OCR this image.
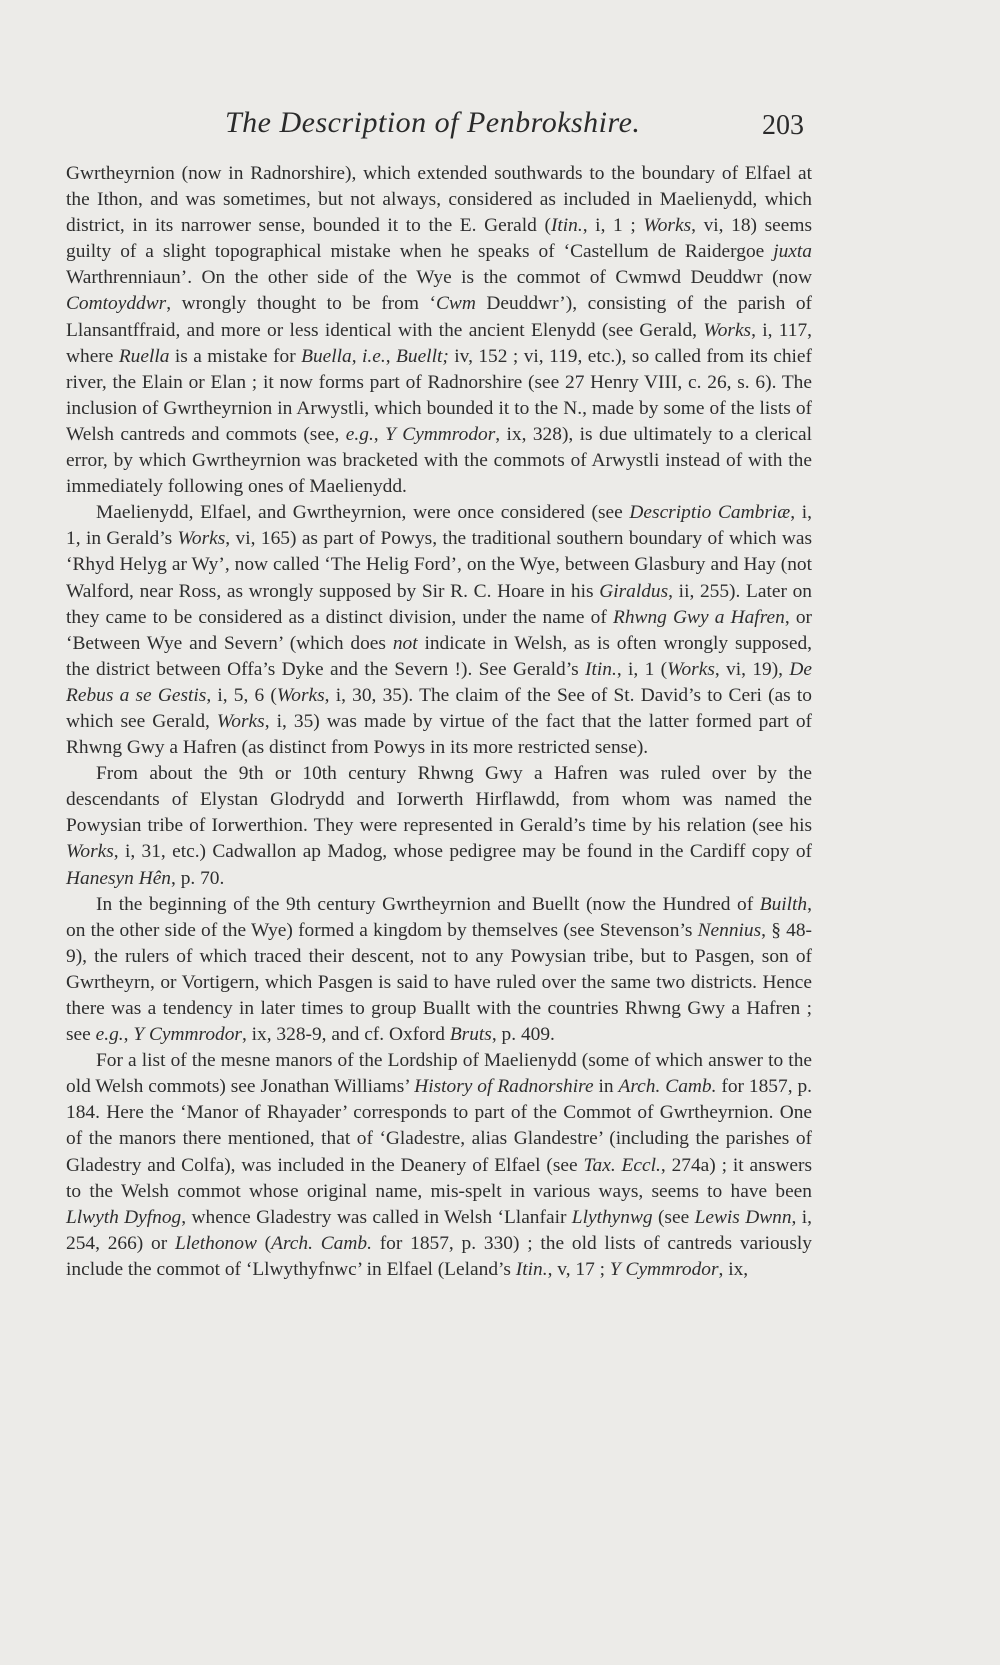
The Description of Penbrokshire.	203

Gwrtheyrnion (now in Radnorshire), which extended southwards to the boundary of Elfael at the Ithon, and was sometimes, but not always, considered as included in Maelienydd, which district, in its narrower sense, bounded it to the E. Gerald (Itin., i, 1 ; Works, vi, 18) seems guilty of a slight topographical mistake when he speaks of ‘Castellum de Raidergoe juxta Warthrenniaun’. On the other side of the Wye is the commot of Cwmwd Deuddwr (now Comtoyddwr, wrongly thought to be from ‘Cwm Deuddwr’), consisting of the parish of Llansantffraid, and more or less identical with the ancient Elenydd (see Gerald, Works, i, 117, where Ruella is a mistake for Buella, i.e., Buellt; iv, 152 ; vi, 119, etc.), so called from its chief river, the Elain or Elan ; it now forms part of Radnorshire (see 27 Henry VIII, c. 26, s. 6). The inclusion of Gwrtheyrnion in Arwystli, which bounded it to the N., made by some of the lists of Welsh cantreds and commots (see, e.g., Y Cymmrodor, ix, 328), is due ultimately to a clerical error, by which Gwrtheyrnion was bracketed with the commots of Arwystli instead of with the immediately following ones of Maelienydd.

Maelienydd, Elfael, and Gwrtheyrnion, were once considered (see Descriptio Cambriæ, i, 1, in Gerald’s Works, vi, 165) as part of Powys, the traditional southern boundary of which was ‘Rhyd Helyg ar Wy’, now called ‘The Helig Ford’, on the Wye, between Glasbury and Hay (not Walford, near Ross, as wrongly supposed by Sir R. C. Hoare in his Giraldus, ii, 255). Later on they came to be considered as a distinct division, under the name of Rhwng Gwy a Hafren, or ‘Between Wye and Severn’ (which does not indicate in Welsh, as is often wrongly supposed, the district between Offa’s Dyke and the Severn !). See Gerald’s Itin., i, 1 (Works, vi, 19), De Rebus a se Gestis, i, 5, 6 (Works, i, 30, 35). The claim of the See of St. David’s to Ceri (as to which see Gerald, Works, i, 35) was made by virtue of the fact that the latter formed part of Rhwng Gwy a Hafren (as distinct from Powys in its more restricted sense).

From about the 9th or 10th century Rhwng Gwy a Hafren was ruled over by the descendants of Elystan Glodrydd and Iorwerth Hirflawdd, from whom was named the Powysian tribe of Iorwerthion. They were represented in Gerald’s time by his relation (see his Works, i, 31, etc.) Cadwallon ap Madog, whose pedigree may be found in the Cardiff copy of Hanesyn Hên, p. 70.

In the beginning of the 9th century Gwrtheyrnion and Buellt (now the Hundred of Builth, on the other side of the Wye) formed a kingdom by themselves (see Stevenson’s Nennius, § 48-9), the rulers of which traced their descent, not to any Powysian tribe, but to Pasgen, son of Gwrtheyrn, or Vortigern, which Pasgen is said to have ruled over the same two districts. Hence there was a tendency in later times to group Buallt with the countries Rhwng Gwy a Hafren ; see e.g., Y Cymmrodor, ix, 328-9, and cf. Oxford Bruts, p. 409.

For a list of the mesne manors of the Lordship of Maelienydd (some of which answer to the old Welsh commots) see Jonathan Williams’ History of Radnorshire in Arch. Camb. for 1857, p. 184. Here the ‘Manor of Rhayader’ corresponds to part of the Commot of Gwrtheyrnion. One of the manors there mentioned, that of ‘Gladestre, alias Glandestre’ (including the parishes of Gladestry and Colfa), was included in the Deanery of Elfael (see Tax. Eccl., 274a) ; it answers to the Welsh commot whose original name, mis-spelt in various ways, seems to have been Llwyth Dyfnog, whence Gladestry was called in Welsh ‘Llanfair Llythynwg (see Lewis Dwnn, i, 254, 266) or Llethonow (Arch. Camb. for 1857, p. 330) ; the old lists of cantreds variously include the commot of ‘Llwythyfnwc’ in Elfael (Leland’s Itin., v, 17 ; Y Cymmrodor, ix,
